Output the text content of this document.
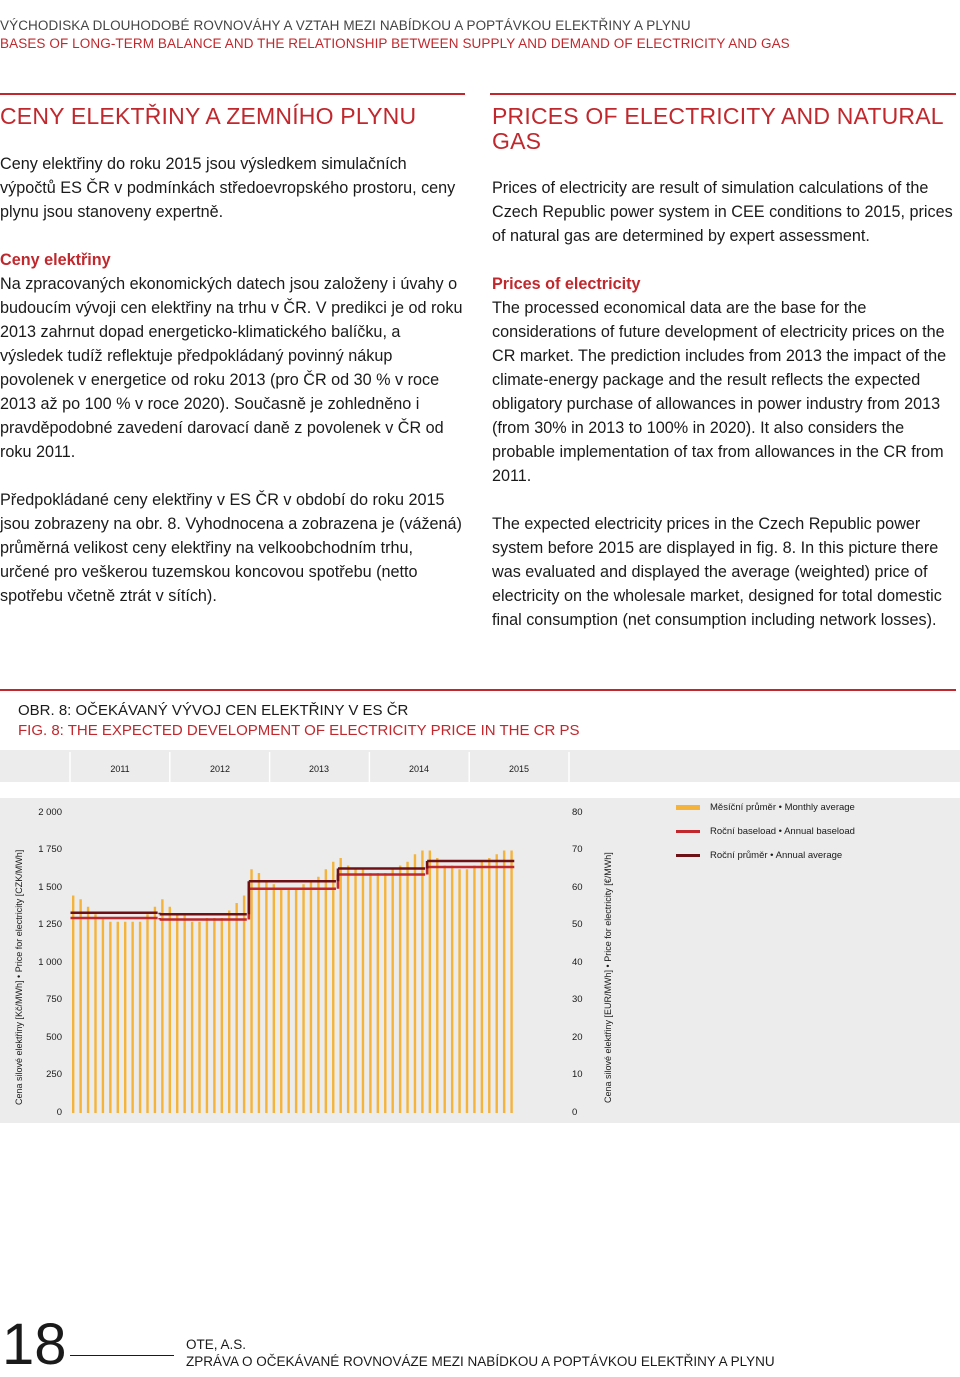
VÝCHODISKA DLOUHODOBÉ ROVNOVÁHY A VZTAH MEZI NABÍDKOU A POPTÁVKOU ELEKTŘINY A PLYNU
BASES OF LONG-TERM BALANCE AND THE RELATIONSHIP BETWEEN SUPPLY AND DEMAND OF ELECTRICITY AND GAS
CENY ELEKTŘINY A ZEMNÍHO PLYNU

Ceny elektřiny do roku 2015 jsou výsledkem simulačních výpočtů ES ČR v podmínkách středoevropského prostoru, ceny plynu jsou stanoveny expertně.

Ceny elektřiny

Na zpracovaných ekonomických datech jsou založeny i úvahy o budoucím vývoji cen elektřiny na trhu v ČR. V predikci je od roku 2013 zahrnut dopad energeticko-klimatického balíčku, a výsledek tudíž reflektuje předpokládaný povinný nákup povolenek v energetice od roku 2013 (pro ČR od 30 % v roce 2013 až po 100 % v roce 2020). Současně je zohledněno i pravděpodobné zavedení darovací daně z povolenek v ČR od roku 2011.

Předpokládané ceny elektřiny v ES ČR v období do roku 2015 jsou zobrazeny na obr. 8. Vyhodnocena a zobrazena je (vážená) průměrná velikost ceny elektřiny na velkoobchodním trhu, určené pro veškerou tuzemskou koncovou spotřebu (netto spotřebu včetně ztrát v sítích).

PRICES OF ELECTRICITY AND NATURAL GAS

Prices of electricity are result of simulation calculations of the Czech Republic power system in CEE conditions to 2015, prices of natural gas are determined by expert assessment.

Prices of electricity

The processed economical data are the base for the considerations of future development of electricity prices on the CR market. The prediction includes from 2013 the impact of the climate-energy package and the result reflects the expected obligatory purchase of allowances in power industry from 2013 (from 30% in 2013 to 100% in 2020). It also considers the probable implementation of tax from allowances in the CR from 2011.

The expected electricity prices in the Czech Republic power system before 2015 are displayed in fig. 8. In this picture there was evaluated and displayed the average (weighted) price of electricity on the wholesale market, designed for total domestic final consumption (net consumption including network losses).

OBR. 8: OČEKÁVANÝ VÝVOJ CEN ELEKTŘINY V ES ČR
FIG. 8: THE EXPECTED DEVELOPMENT OF ELECTRICITY PRICE IN THE CR PS
2011	2012	2013	2014	2015
0
250
500
750
1 000
1 250
1 500
1 750
2 000
0
10
20
30
40
50
60
70
80
Cena silové elektřiny [Kč/MWh] • Price for electricity [CZK/MWh]	Cena silové elektřiny [EUR/MWh] • Price for electricity [€/MWh]
Měsíční průměr • Monthly average
Roční baseload • Annual baseload
Roční průměr • Annual average
18	OTE, A.S.
ZPRÁVA O OČEKÁVANÉ ROVNOVÁZE MEZI NABÍDKOU A POPTÁVKOU ELEKTŘINY A PLYNU
